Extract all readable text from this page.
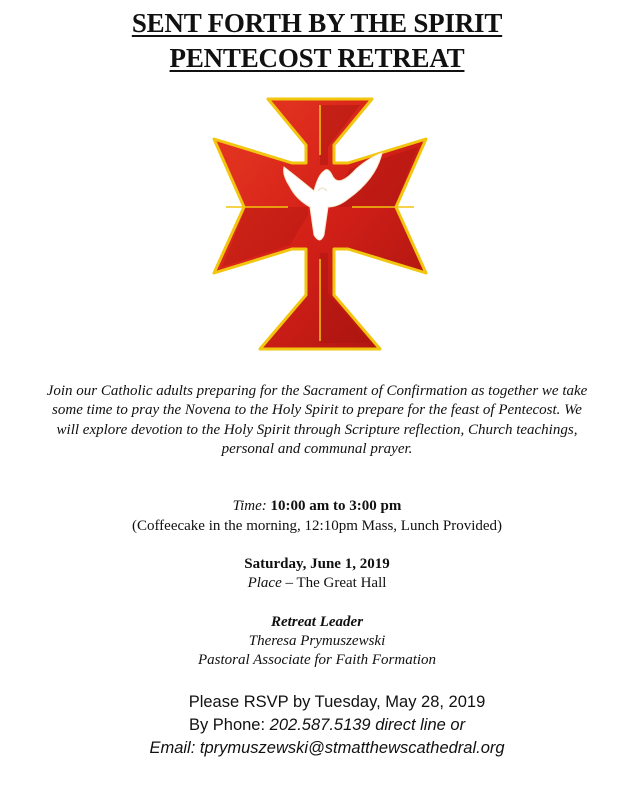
SENT FORTH BY THE SPIRIT
PENTECOST RETREAT
Join our Catholic adults preparing for the Sacrament of Confirmation as together we take some time to pray the Novena to the Holy Spirit to prepare for the feast of Pentecost. We will explore devotion to the Holy Spirit through Scripture reflection, Church teachings, personal and communal prayer.
Time: 10:00 am to 3:00 pm
(Coffeecake in the morning, 12:10pm Mass, Lunch Provided)
Saturday, June 1, 2019
Place – The Great Hall
Retreat Leader
Theresa Prymuszewski
Pastoral Associate for Faith Formation
Please RSVP by Tuesday, May 28, 2019
By Phone: 202.587.5139 direct line or
Email: tprymuszewski@stmatthewscathedral.org
